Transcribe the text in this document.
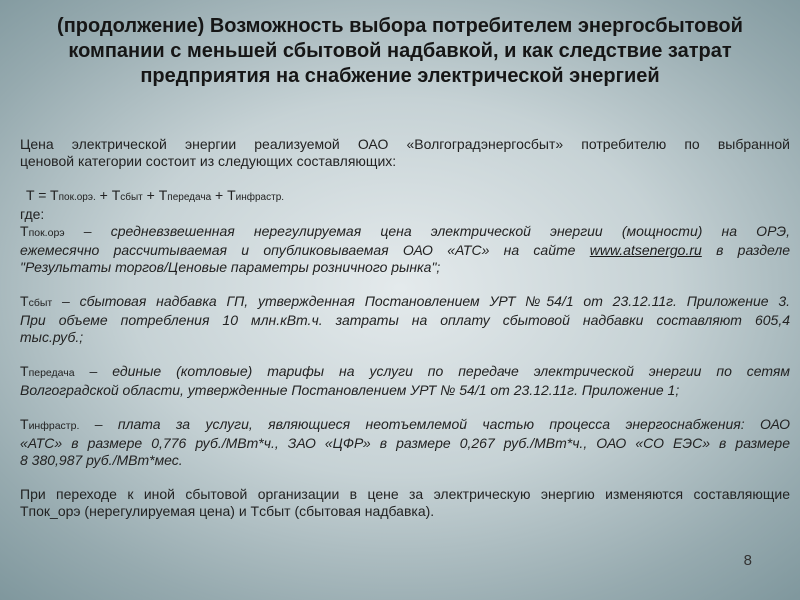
(продолжение) Возможность выбора потребителем энергосбытовой
компании с меньшей сбытовой надбавкой, и как следствие затрат
предприятия на снабжение электрической энергией
Цена электрической энергии реализуемой ОАО «Волгоградэнергосбыт» потребителю по выбранной
ценовой категории состоит из следующих составляющих:
T = Tпок.орэ. + Tсбыт + Tпередача + Tинфрастр.
где:
Тпок.орэ – средневзвешенная нерегулируемая цена электрической энергии (мощности) на ОРЭ,
ежемесячно рассчитываемая и опубликовываемая ОАО «АТС» на сайте www.atsenergo.ru в разделе
"Результаты торгов/Ценовые параметры розничного рынка";
Тсбыт – сбытовая надбавка ГП, утвержденная Постановлением УРТ №54/1 от 23.12.11г. Приложение 3.
При объеме потребления 10 млн.кВт.ч. затраты на оплату сбытовой надбавки составляют 605,4
тыс.руб.;
Тпередача – единые (котловые) тарифы на услуги по передаче электрической энергии по сетям
Волгоградской области, утвержденные Постановлением УРТ № 54/1 от 23.12.11г. Приложение 1;
Тинфрастр. – плата за услуги, являющиеся неотъемлемой частью процесса энергоснабжения: ОАО
«АТС» в размере 0,776 руб./МВт*ч., ЗАО «ЦФР» в размере 0,267 руб./МВт*ч., ОАО «СО ЕЭС» в размере
8 380,987 руб./МВт*мес.
При переходе к иной сбытовой организации в цене за электрическую энергию изменяются составляющие
Tпок_орэ (нерегулируемая цена) и Tсбыт (сбытовая надбавка).
8
